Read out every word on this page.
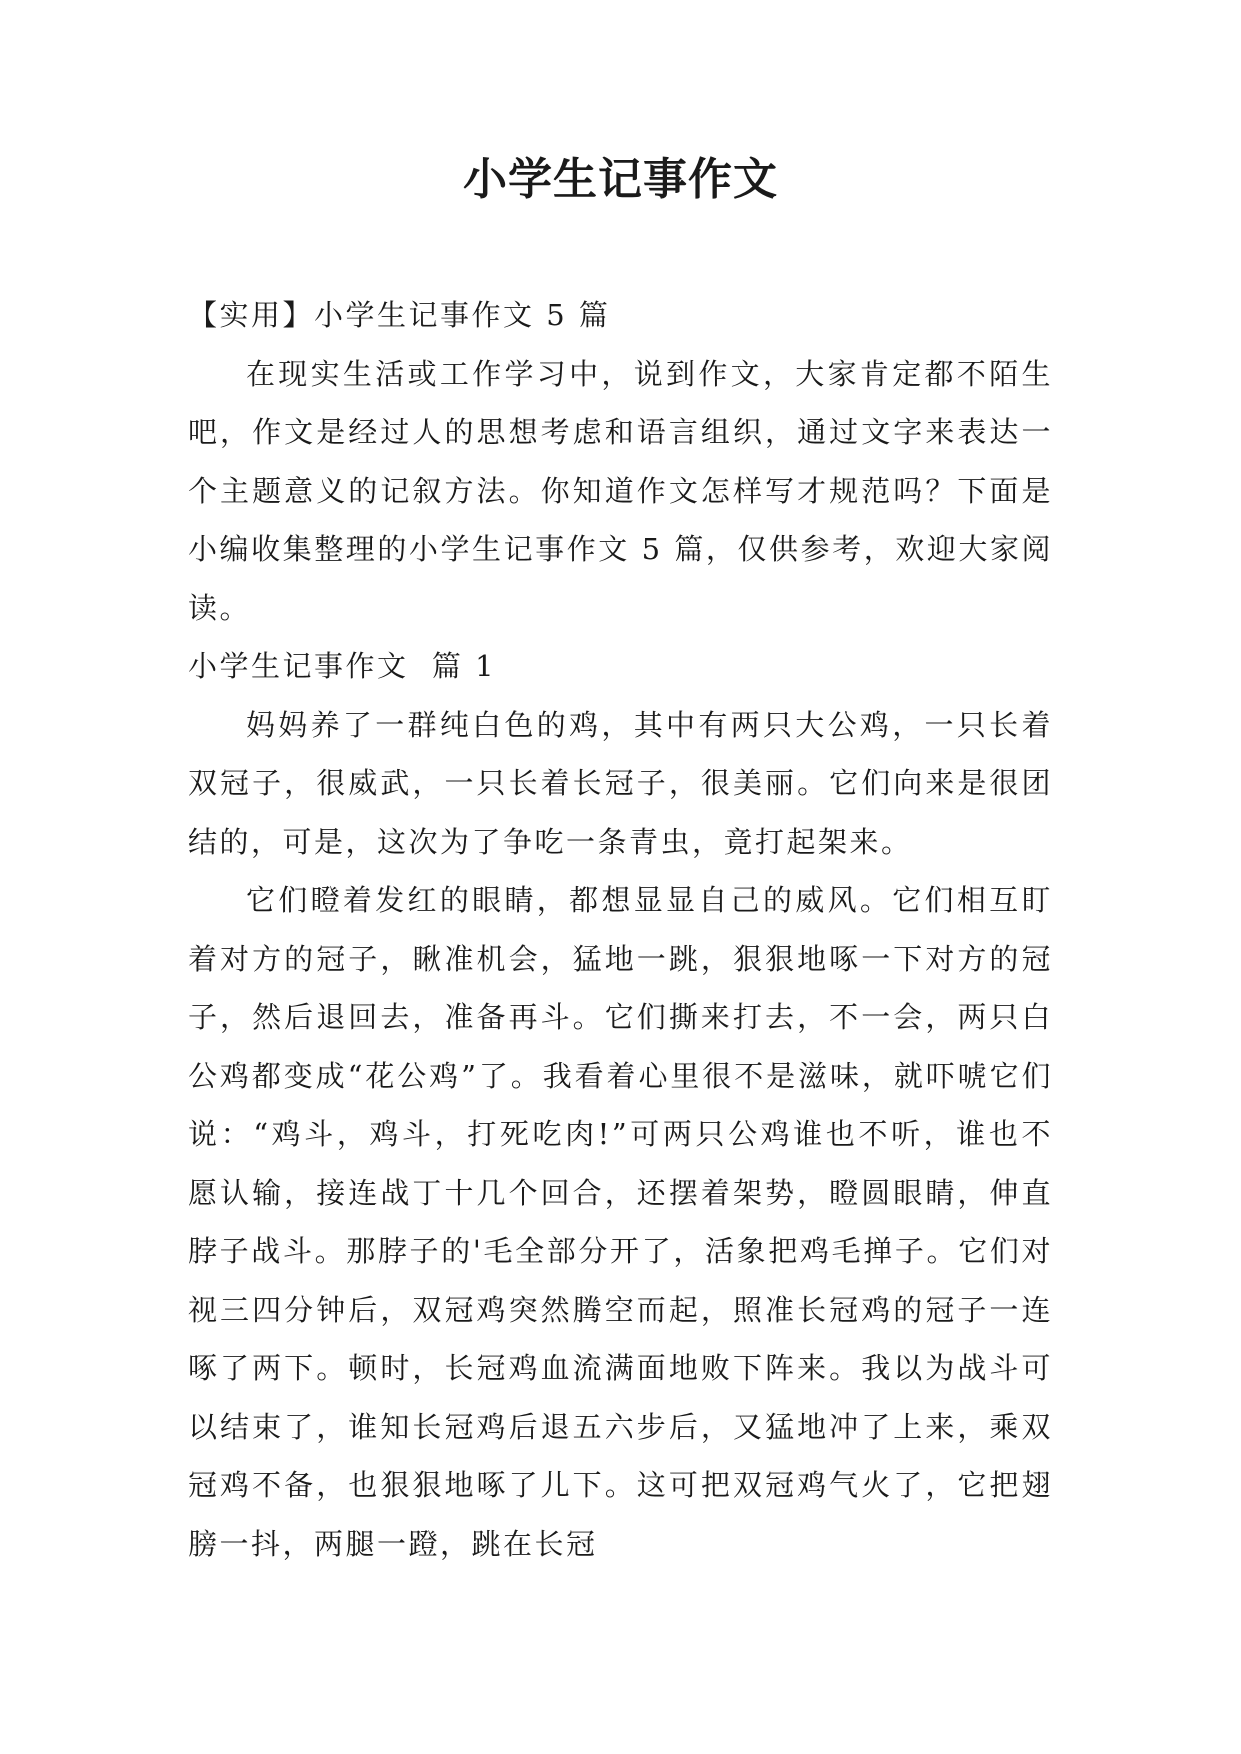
小学生记事作文

【实用】小学生记事作文 5 篇

在现实生活或工作学习中，说到作文，大家肯定都不陌生吧，作文是经过人的思想考虑和语言组织，通过文字来表达一个主题意义的记叙方法。你知道作文怎样写才规范吗？下面是小编收集整理的小学生记事作文 5 篇，仅供参考，欢迎大家阅读。

小学生记事作文  篇 1

妈妈养了一群纯白色的鸡，其中有两只大公鸡，一只长着双冠子，很威武，一只长着长冠子，很美丽。它们向来是很团结的，可是，这次为了争吃一条青虫，竟打起架来。

它们瞪着发红的眼睛，都想显显自己的威风。它们相互盯着对方的冠子，瞅准机会，猛地一跳，狠狠地啄一下对方的冠子，然后退回去，准备再斗。它们撕来打去，不一会，两只白公鸡都变成“花公鸡”了。我看着心里很不是滋味，就吓唬它们说：“鸡斗，鸡斗，打死吃肉!”可两只公鸡谁也不听，谁也不愿认输，接连战丁十几个回合，还摆着架势，瞪圆眼睛，伸直脖子战斗。那脖子的'毛全部分开了，活象把鸡毛掸子。它们对视三四分钟后，双冠鸡突然腾空而起，照准长冠鸡的冠子一连啄了两下。顿时，长冠鸡血流满面地败下阵来。我以为战斗可以结束了，谁知长冠鸡后退五六步后，又猛地冲了上来，乘双冠鸡不备，也狠狠地啄了儿下。这可把双冠鸡气火了，它把翅膀一抖，两腿一蹬，跳在长冠
